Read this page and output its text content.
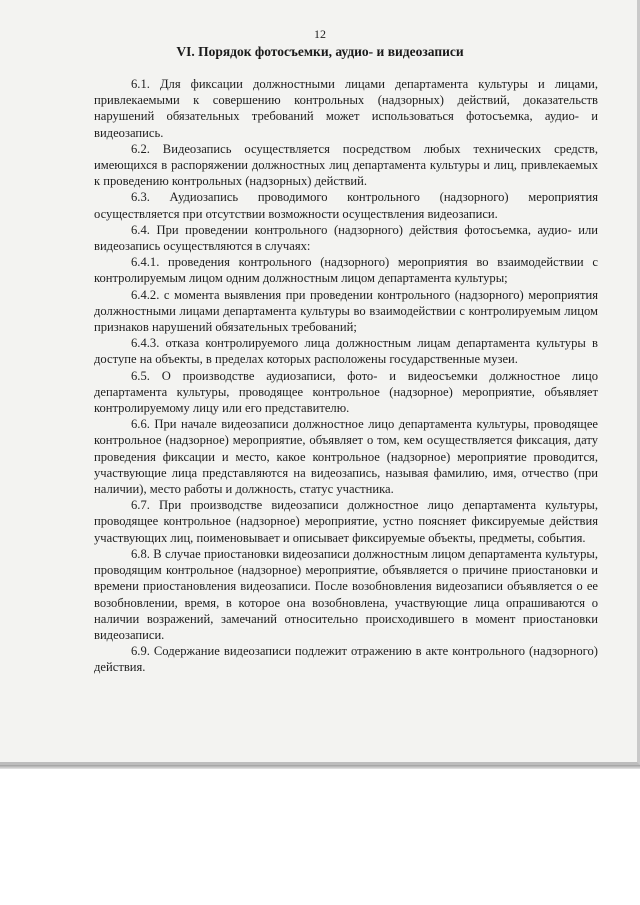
12
VI. Порядок фотосъемки, аудио- и видеозаписи

6.1. Для фиксации должностными лицами департамента культуры и лицами, привлекаемыми к совершению контрольных (надзорных) действий, доказательств нарушений обязательных требований может использоваться фотосъемка, аудио- и видеозапись.

6.2. Видеозапись осуществляется посредством любых технических средств, имеющихся в распоряжении должностных лиц департамента культуры и лиц, привлекаемых к проведению контрольных (надзорных) действий.

6.3. Аудиозапись проводимого контрольного (надзорного) мероприятия осуществляется при отсутствии возможности осуществления видеозаписи.

6.4. При проведении контрольного (надзорного) действия фотосъемка, аудио- или видеозапись осуществляются в случаях:

6.4.1. проведения контрольного (надзорного) мероприятия во взаимодействии с контролируемым лицом одним должностным лицом департамента культуры;

6.4.2. с момента выявления при проведении контрольного (надзорного) мероприятия должностными лицами департамента культуры во взаимодействии с контролируемым лицом признаков нарушений обязательных требований;

6.4.3. отказа контролируемого лица должностным лицам департамента культуры в доступе на объекты, в пределах которых расположены государственные музеи.

6.5. О производстве аудиозаписи, фото- и видеосъемки должностное лицо департамента культуры, проводящее контрольное (надзорное) мероприятие, объявляет контролируемому лицу или его представителю.

6.6. При начале видеозаписи должностное лицо департамента культуры, проводящее контрольное (надзорное) мероприятие, объявляет о том, кем осуществляется фиксация, дату проведения фиксации и место, какое контрольное (надзорное) мероприятие проводится, участвующие лица представляются на видеозапись, называя фамилию, имя, отчество (при наличии), место работы и должность, статус участника.

6.7. При производстве видеозаписи должностное лицо департамента культуры, проводящее контрольное (надзорное) мероприятие, устно поясняет фиксируемые действия участвующих лиц, поименовывает и описывает фиксируемые объекты, предметы, события.

6.8. В случае приостановки видеозаписи должностным лицом департамента культуры, проводящим контрольное (надзорное) мероприятие, объявляется о причине приостановки и времени приостановления видеозаписи. После возобновления видеозаписи объявляется о ее возобновлении, время, в которое она возобновлена, участвующие лица опрашиваются о наличии возражений, замечаний относительно происходившего в момент приостановки видеозаписи.

6.9. Содержание видеозаписи подлежит отражению в акте контрольного (надзорного) действия.
